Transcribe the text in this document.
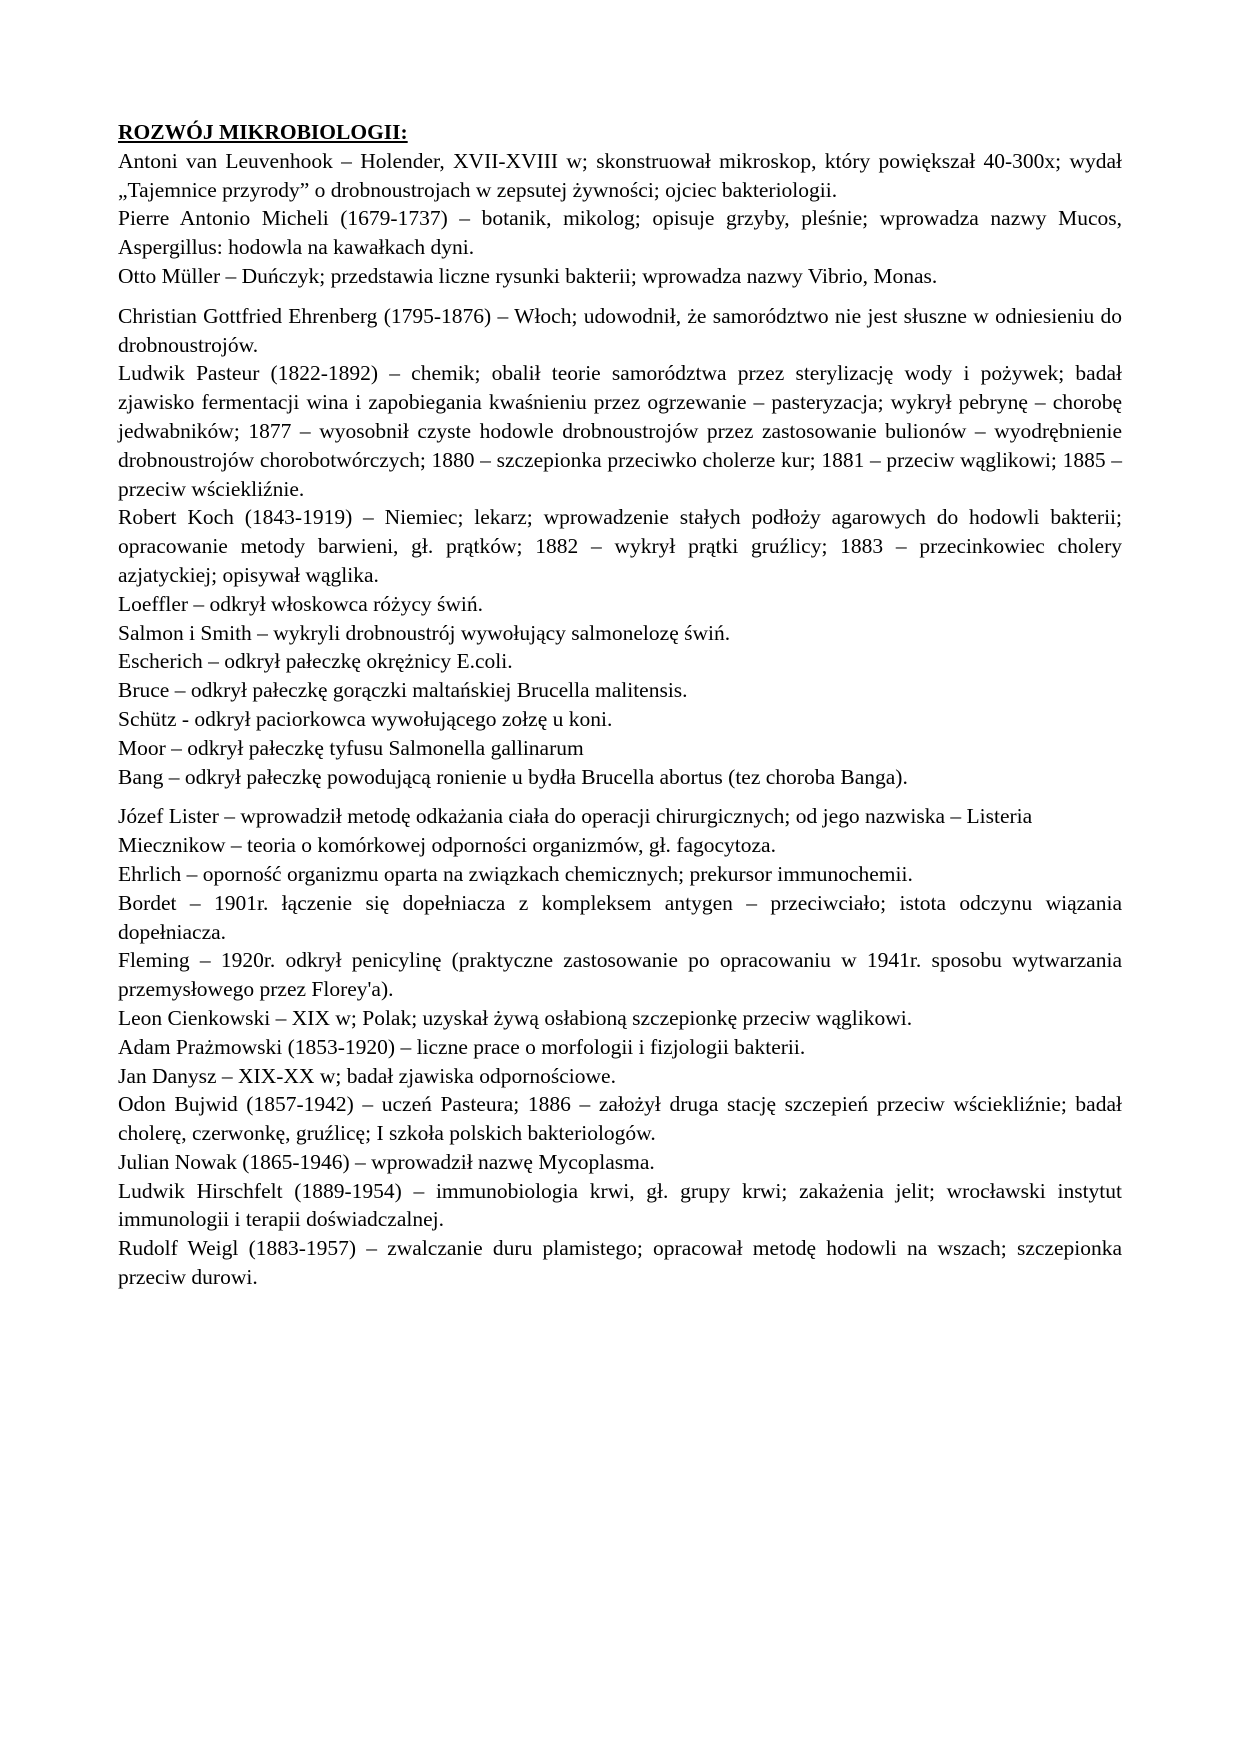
ROZWÓJ MIKROBIOLOGII:

Antoni van Leuvenhook – Holender, XVII-XVIII w; skonstruował mikroskop, który powiększał 40-300x; wydał „Tajemnice przyrody” o drobnoustrojach w zepsutej żywności; ojciec bakteriologii.

Pierre Antonio Micheli (1679-1737) – botanik, mikolog; opisuje grzyby, pleśnie; wprowadza nazwy Mucos, Aspergillus: hodowla na kawałkach dyni.

Otto Müller – Duńczyk; przedstawia liczne rysunki bakterii; wprowadza nazwy Vibrio, Monas.

Christian Gottfried Ehrenberg (1795-1876) – Włoch; udowodnił, że samorództwo nie jest słuszne w odniesieniu do drobnoustrojów.

Ludwik Pasteur (1822-1892) – chemik; obalił teorie samorództwa przez sterylizację wody i pożywek; badał zjawisko fermentacji wina i zapobiegania kwaśnieniu przez ogrzewanie – pasteryzacja; wykrył pebrynę – chorobę jedwabników; 1877 – wyosobnił czyste hodowle drobnoustrojów przez zastosowanie bulionów – wyodrębnienie drobnoustrojów chorobotwórczych; 1880 – szczepionka przeciwko cholerze kur; 1881 – przeciw wąglikowi; 1885 – przeciw wściekliźnie.

Robert Koch (1843-1919) – Niemiec; lekarz; wprowadzenie stałych podłoży agarowych do hodowli bakterii; opracowanie metody barwieni, gł. prątków; 1882 – wykrył prątki gruźlicy; 1883 – przecinkowiec cholery azjatyckiej; opisywał wąglika.

Loeffler – odkrył włoskowca różycy świń.

Salmon i Smith – wykryli drobnoustrój wywołujący salmonelozę świń.

Escherich – odkrył pałeczkę okrężnicy E.coli.

Bruce – odkrył pałeczkę gorączki maltańskiej Brucella malitensis.

Schütz - odkrył paciorkowca wywołującego zołzę u koni.

Moor – odkrył pałeczkę tyfusu Salmonella gallinarum

Bang – odkrył pałeczkę powodującą ronienie u bydła Brucella abortus (tez choroba Banga).

Józef Lister – wprowadził metodę odkażania ciała do operacji chirurgicznych; od jego nazwiska – Listeria

Miecznikow – teoria o komórkowej odporności organizmów, gł. fagocytoza.

Ehrlich – oporność organizmu oparta na związkach chemicznych; prekursor immunochemii.

Bordet – 1901r. łączenie się dopełniacza z kompleksem antygen – przeciwciało; istota odczynu wiązania dopełniacza.

Fleming – 1920r. odkrył penicylinę (praktyczne zastosowanie po opracowaniu w 1941r. sposobu wytwarzania przemysłowego przez Florey'a).

Leon Cienkowski – XIX w; Polak; uzyskał żywą osłabioną szczepionkę przeciw wąglikowi.

Adam Prażmowski (1853-1920) – liczne prace o morfologii i fizjologii bakterii.

Jan Danysz – XIX-XX w; badał zjawiska odpornościowe.

Odon Bujwid (1857-1942) – uczeń Pasteura; 1886 – założył druga stację szczepień przeciw wściekliźnie; badał cholerę, czerwonkę, gruźlicę; I szkoła polskich bakteriologów.

Julian Nowak (1865-1946) – wprowadził nazwę Mycoplasma.

Ludwik Hirschfelt (1889-1954) – immunobiologia krwi, gł. grupy krwi; zakażenia jelit; wrocławski instytut immunologii i terapii doświadczalnej.

Rudolf Weigl (1883-1957) – zwalczanie duru plamistego; opracował metodę hodowli na wszach; szczepionka przeciw durowi.
